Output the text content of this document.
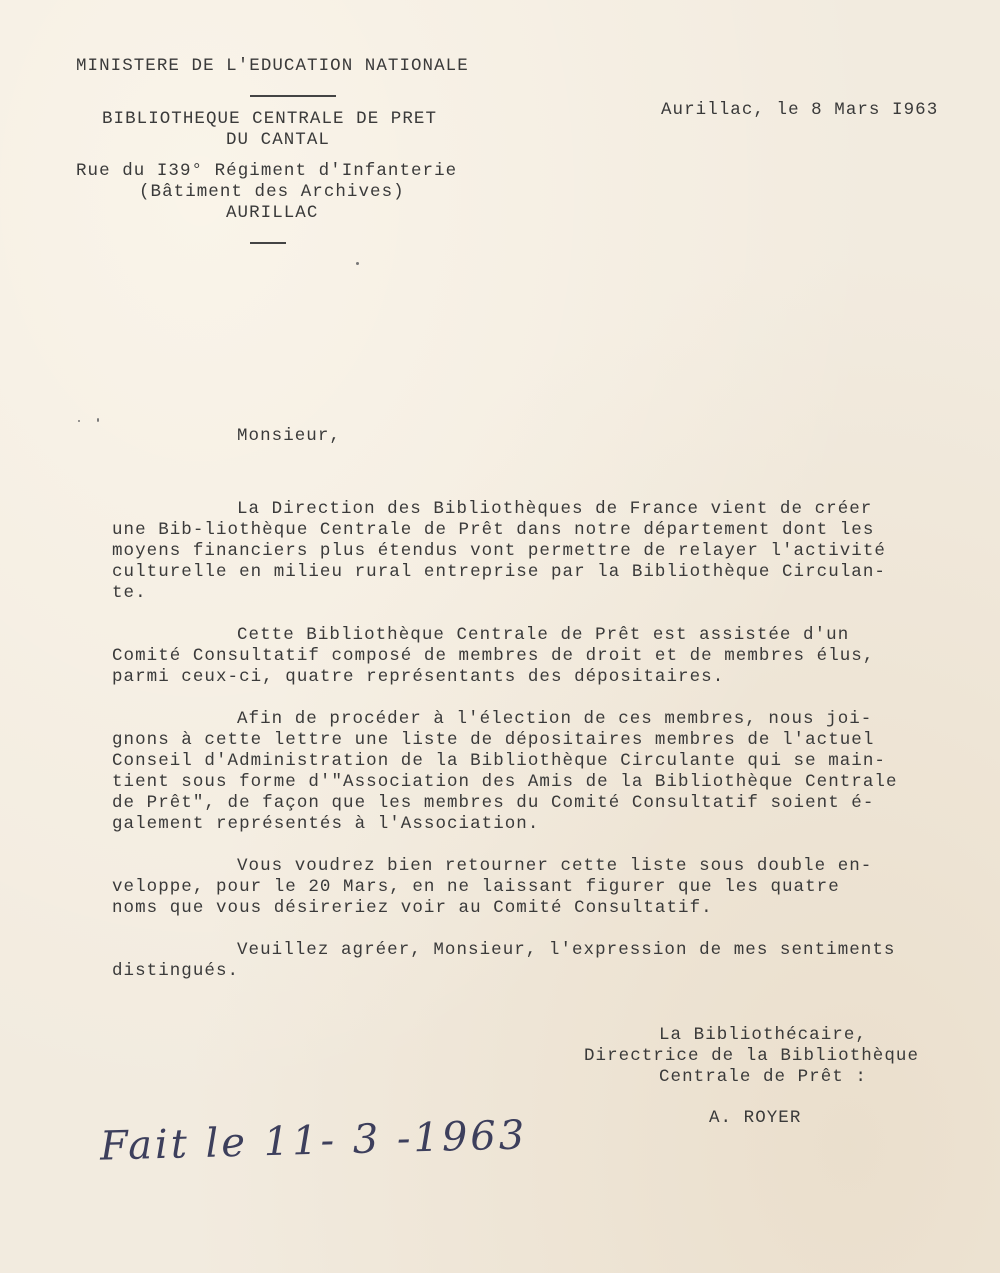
MINISTERE DE L'EDUCATION NATIONALE
BIBLIOTHEQUE CENTRALE DE PRET
DU CANTAL
Rue du I39° Régiment d'Infanterie
(Bâtiment des Archives)
AURILLAC
Aurillac, le 8 Mars I963
Monsieur,
La Direction des Bibliothèques de France vient de créer
une Bib-liothèque Centrale de Prêt dans notre département dont les
moyens financiers plus étendus vont permettre de relayer l'activité
culturelle en milieu rural entreprise par la Bibliothèque Circulan-
te.
Cette Bibliothèque Centrale de Prêt est assistée d'un
Comité Consultatif composé de membres de droit et de membres élus,
parmi ceux-ci, quatre représentants des dépositaires.
Afin de procéder à l'élection de ces membres, nous joi-
gnons à cette lettre une liste de dépositaires membres de l'actuel
Conseil d'Administration de la Bibliothèque Circulante qui se main-
tient sous forme d'"Association des Amis de la Bibliothèque Centrale
de Prêt", de façon que les membres du Comité Consultatif soient é-
galement représentés à l'Association.
Vous voudrez bien retourner cette liste sous double en-
veloppe, pour le 20 Mars, en ne laissant figurer que les quatre
noms que vous désireriez voir au Comité Consultatif.
Veuillez agréer, Monsieur, l'expression de mes sentiments
distingués.
La Bibliothécaire,
Directrice de la Bibliothèque
Centrale de Prêt :
A. ROYER
Fait le 11- 3 -1963
